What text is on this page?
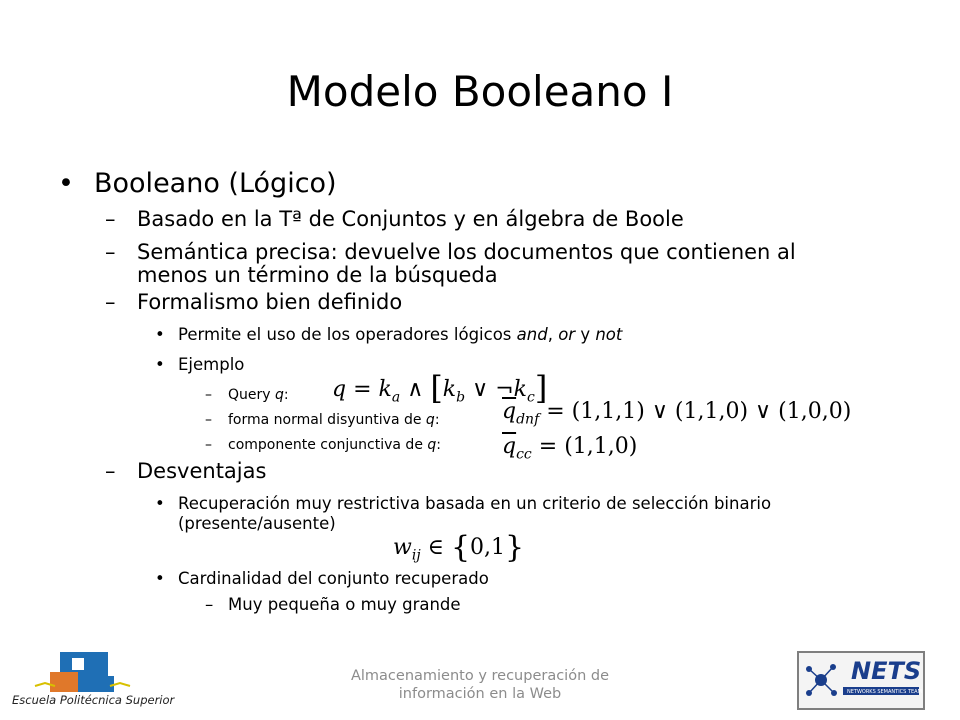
Modelo Booleano I
• Booleano (Lógico)
– Basado en la Tª de Conjuntos y en álgebra de Boole
– Semántica precisa: devuelve los documentos que contienen al
menos un término de la búsqueda
– Formalismo bien definido
• Permite el uso de los operadores lógicos and, or y not
• Ejemplo
– Query q: $q = k_a$ ∧ [$k_b$ ∨ $\neg k_c$]
– forma normal disyuntiva de q:	$\overline{q}_{dnf} = (1,1,1)$ ∨ (1,1,0) ∨ (1,0,0)
– componente conjunctiva de q:	$\overline{q}_{cc} = (1,1,0)$
– Desventajas
• Recuperación muy restrictiva basada en un criterio de selección binario
(presente/ausente)
$w_{ij}$ ∈ {0,1}
• Cardinalidad del conjunto recuperado
– Muy pequeña o muy grande
Almacenamiento y recuperación de
información en la Web
Escuela Politécnica Superior
NETS
NETWORKS SEMANTICS TEAM
